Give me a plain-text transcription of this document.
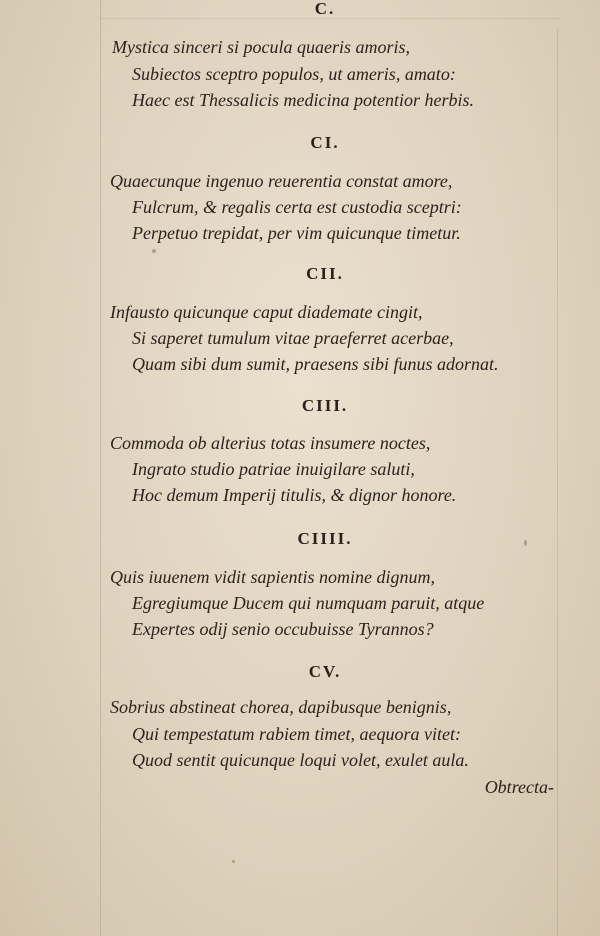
C.
Mystica sinceri si pocula quaeris amoris,
Subiectos sceptro populos, ut ameris, amato:
Haec est Thessalicis medicina potentior herbis.
CI.
Quaecunque ingenuo reuerentia constat amore,
Fulcrum, & regalis certa est custodia sceptri:
Perpetuo trepidat, per vim quicunque timetur.
CII.
Infausto quicunque caput diademate cingit,
Si saperet tumulum vitae praeferret acerbae,
Quam sibi dum sumit, praesens sibi funus adornat.
CIII.
Commoda ob alterius totas insumere noctes,
Ingrato studio patriae inuigilare saluti,
Hoc demum Imperij titulis, & dignor honore.
CIIII.
Quis iuuenem vidit sapientis nomine dignum,
Egregiumque Ducem qui numquam paruit, atque
Expertes odij senio occubuisse Tyrannos?
CV.
Sobrius abstineat chorea, dapibusque benignis,
Qui tempestatum rabiem timet, aequora vitet:
Quod sentit quicunque loqui volet, exulet aula.
Obtrecta-
